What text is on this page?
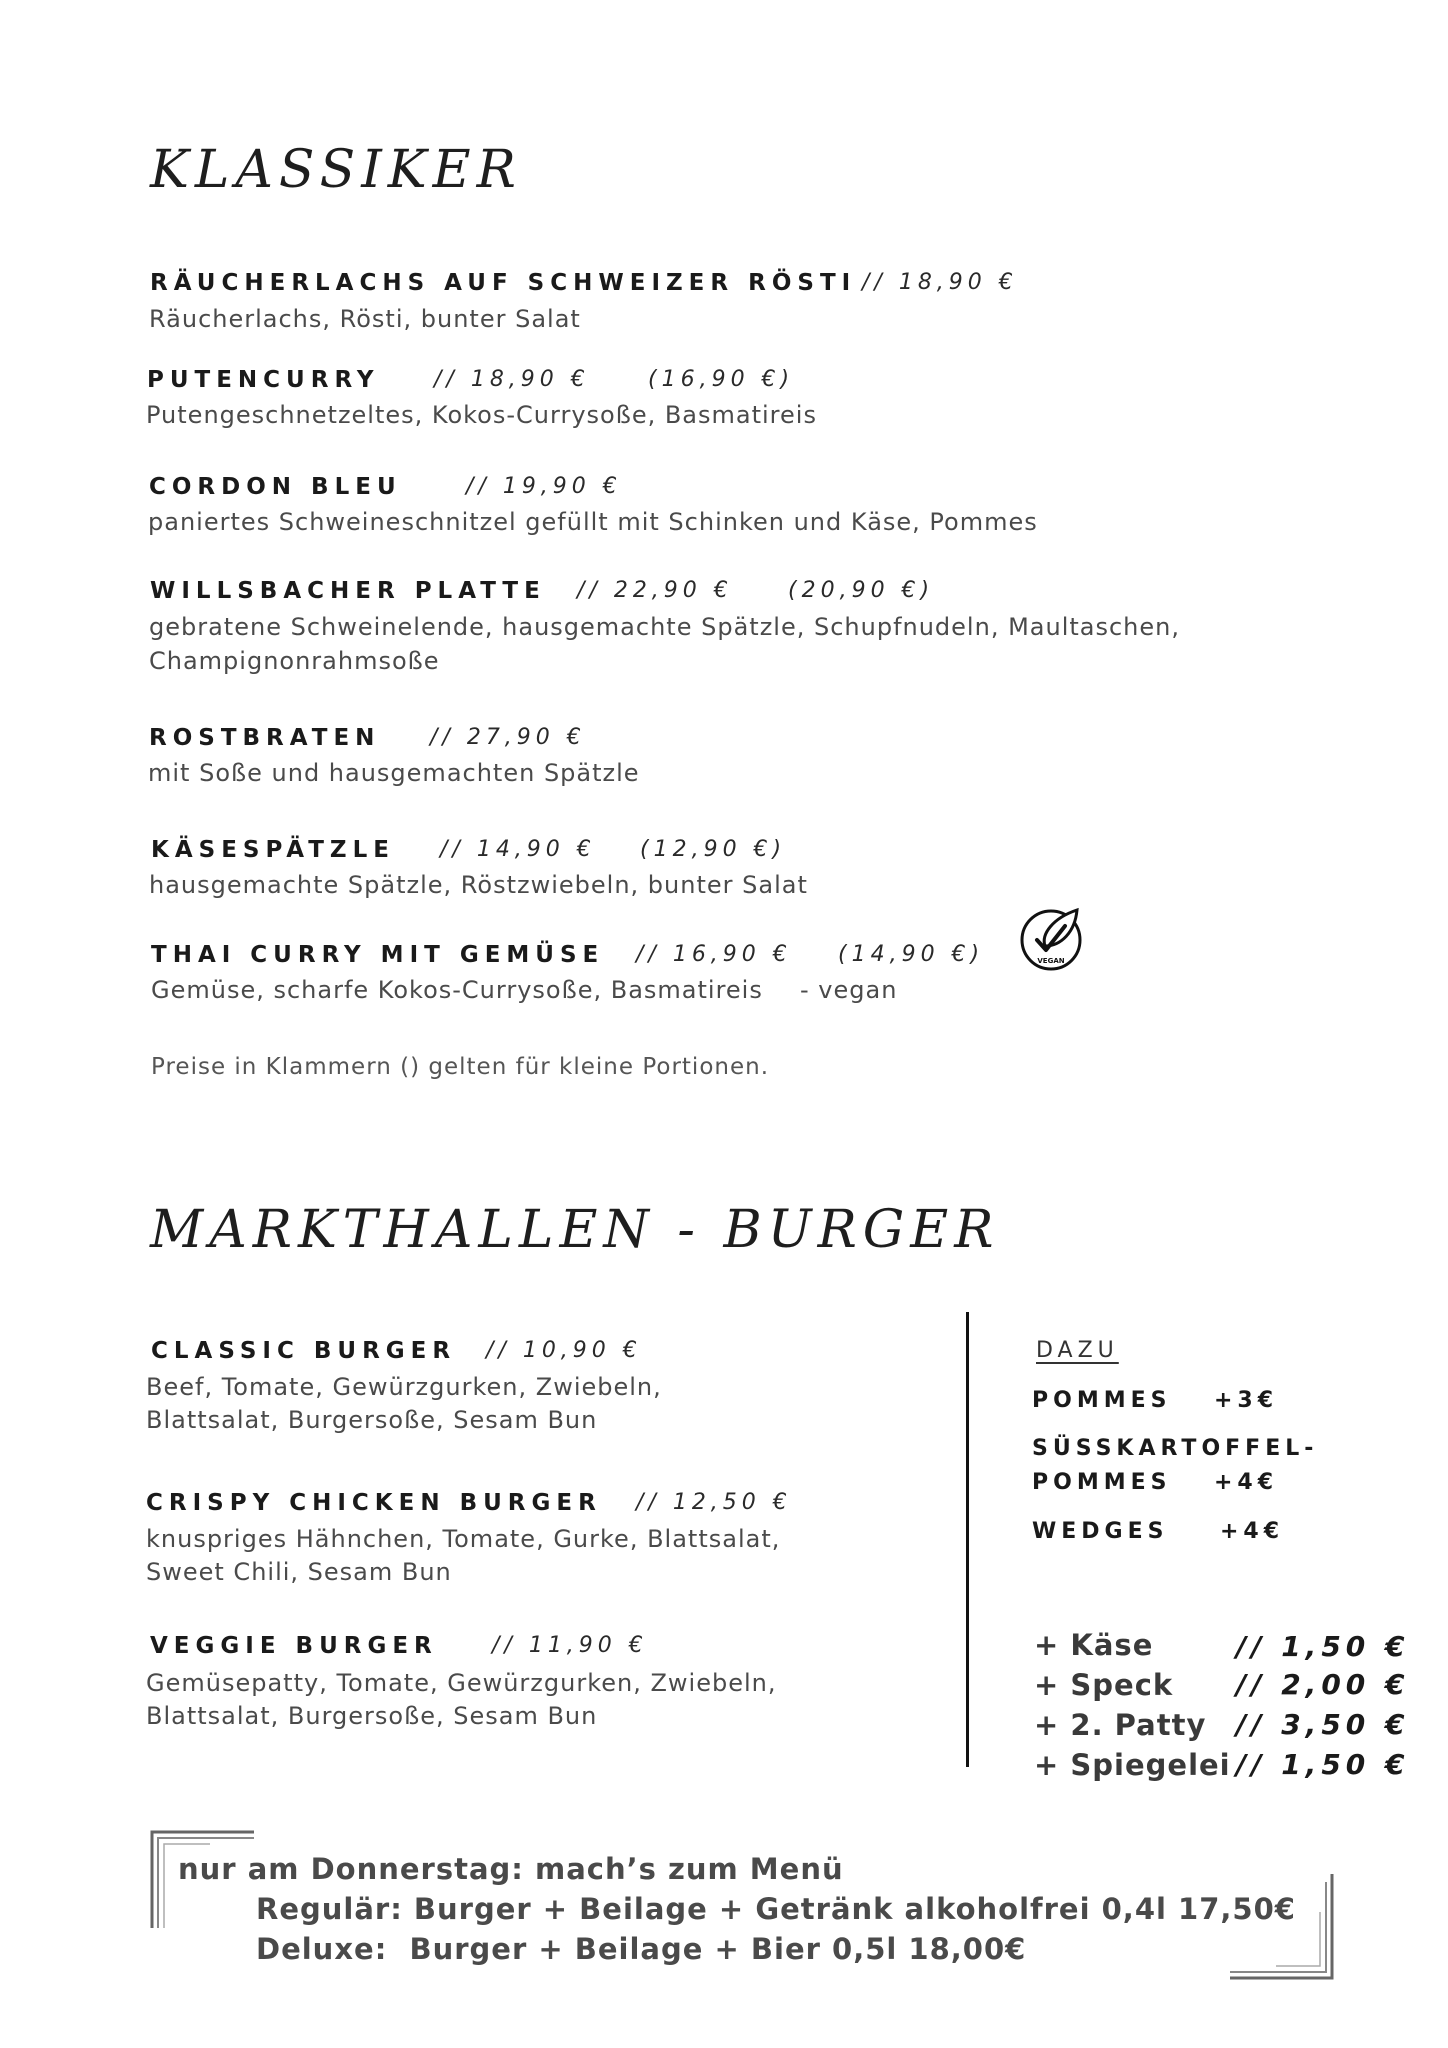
KLASSIKER
RÄUCHERLACHS AUF SCHWEIZER RÖSTI // 18,90 €
Räucherlachs, Rösti, bunter Salat
PUTENCURRY // 18,90 €	(16,90 €)
Putengeschnetzeltes, Kokos-Currysoße, Basmatireis
CORDON BLEU	// 19,90 €
paniertes Schweineschnitzel gefüllt mit Schinken und Käse, Pommes
WILLSBACHER PLATTE // 22,90 €	(20,90 €)
gebratene Schweinelende, hausgemachte Spätzle, Schupfnudeln, Maultaschen,
Champignonrahmsoße
ROSTBRATEN // 27,90 €
mit Soße und hausgemachten Spätzle
KÄSESPÄTZLE // 14,90 € (12,90 €)
hausgemachte Spätzle, Röstzwiebeln, bunter Salat
THAI CURRY MIT GEMÜSE // 16,90 € (14,90 €)
Gemüse, scharfe Kokos-Currysoße, Basmatireis - vegan
VEGAN
Preise in Klammern () gelten für kleine Portionen.
MARKTHALLEN - BURGER
CLASSIC BURGER // 10,90 €
Beef, Tomate, Gewürzgurken, Zwiebeln,
Blattsalat, Burgersoße, Sesam Bun
CRISPY CHICKEN BURGER // 12,50 €
knuspriges Hähnchen, Tomate, Gurke, Blattsalat,
Sweet Chili, Sesam Bun
VEGGIE BURGER // 11,90 €
Gemüsepatty, Tomate, Gewürzgurken, Zwiebeln,
Blattsalat, Burgersoße, Sesam Bun
DAZU
POMMES +3€
SÜSSKARTOFFEL-
POMMES +4€
WEDGES +4€
+ Käse	// 1,50 €
+ Speck // 2,00 €
+ 2. Patty // 3,50 €
+ Spiegelei // 1,50 €
nur am Donnerstag: mach’s zum Menü
Regulär: Burger + Beilage + Getränk alkoholfrei 0,4l 17,50€
Deluxe:  Burger + Beilage + Bier 0,5l 18,00€
